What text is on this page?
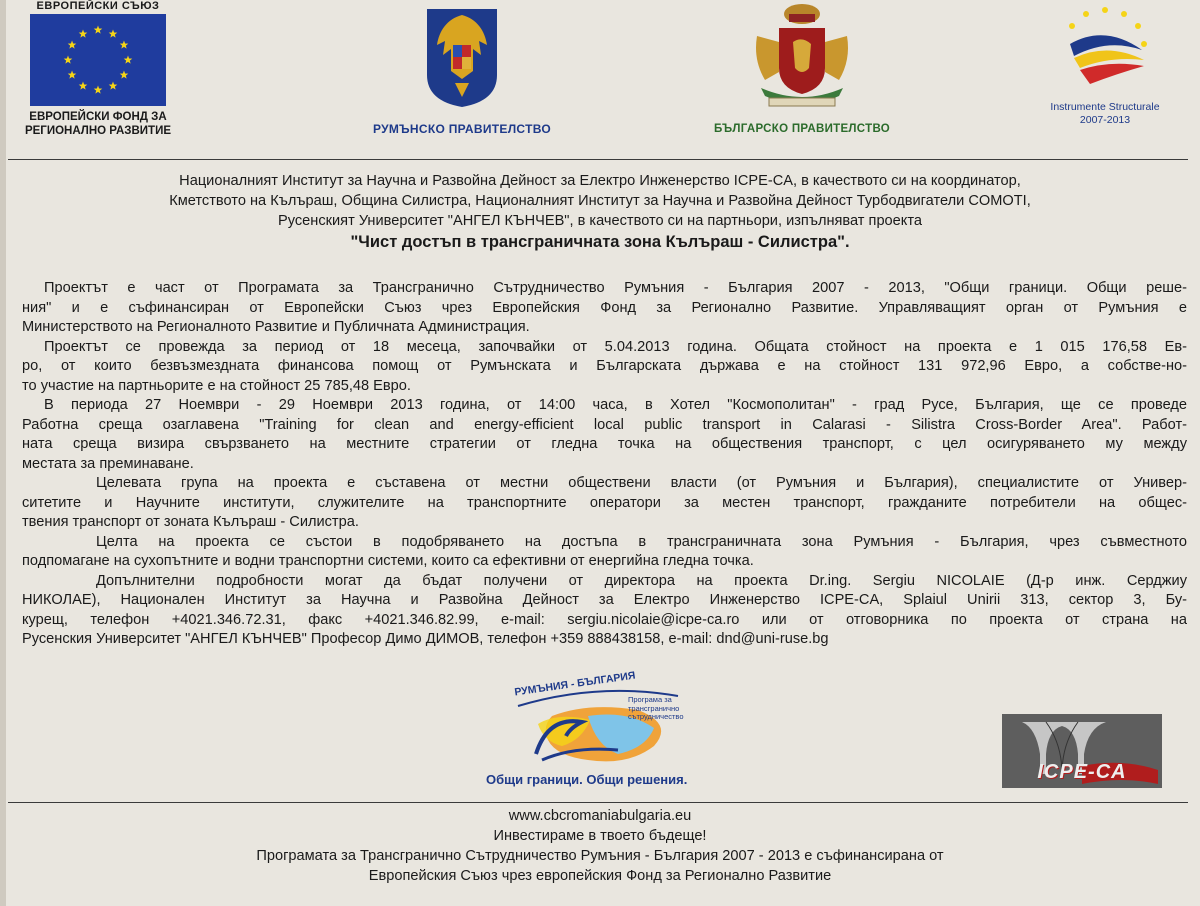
ЕВРОПЕЙСКИ СЪЮЗ
ЕВРОПЕЙСКИ ФОНД ЗА
РЕГИОНАЛНО РАЗВИТИЕ	РУМЪНСКО ПРАВИТЕЛСТВО	БЪЛГАРСКО ПРАВИТЕЛСТВО
Instrumente Structurale
2007-2013
Националният Институт за Научна и Развойна Дейност за Електро Инженерство ICPE-CA, в качеството си на координатор,
Кметството на Кълъраш, Община Силистра, Националният Институт за Научна и Развойна Дейност Турбодвигатели COMOTI,
Русенският Университет "АНГЕЛ КЪНЧЕВ", в качеството си на партньори, изпълняват проекта
"Чист достъп в трансграничната зона Кълъраш - Силистра".
Проектът е част от Програмата за Трансгранично Сътрудничество Румъния - България 2007 - 2013, "Общи граници. Общи реше-
ния" и е съфинансиран от Европейски Съюз чрез Европейския Фонд за Регионално Развитие. Управляващият орган от Румъния е
Министерството на Регионалното Развитие и Публичната Администрация.
Проектът се провежда за период от 18 месеца, започвайки от 5.04.2013 година. Общата стойност на проекта е 1 015 176,58 Ев-
ро, от които безвъзмездната финансова помощ от Румънската и Българската държава е на стойност 131 972,96 Евро, а собстве-но-
то участие на партньорите е на стойност 25 785,48 Евро.
В периода 27 Ноември - 29 Ноември 2013 година, от 14:00 часа, в Хотел "Космополитан" - град Русе, България, ще се проведе
Работна среща озаглавена "Training for clean and energy-efficient local public transport in Calarasi - Silistra Cross-Border Area". Работ-
ната среща визира свързването на местните стратегии от гледна точка на обществения транспорт, с цел осигуряването му между
местата за преминаване.
Целевата група на проекта е съставена от местни обществени власти (от Румъния и България), специалистите от Универ-
ситетите и Научните институти, служителите на транспортните оператори за местен транспорт, гражданите потребители на общес-
твения транспорт от зоната Кълъраш - Силистра.
Целта на проекта се състои в подобряването на достъпа в трансграничната зона Румъния - България, чрез съвместното
подпомагане на сухопътните и водни транспортни системи, които са ефективни от енергийна гледна точка.
Допълнителни подробности могат да бъдат получени от директора на проекта Dr.ing. Sergiu NICOLAIE (Д-р инж. Серджиу
НИКОЛАЕ), Национален Институт за Научна и Развойна Дейност за Електро Инженерство ICPE-CA, Splaiul Unirii 313, сектор 3, Бу-
курещ, телефон +4021.346.72.31, факс +4021.346.82.99, e-mail: sergiu.nicolaie@icpe-ca.ro или от отговорника по проекта от страна на
Русенския Университет "АНГЕЛ КЪНЧЕВ" Професор Димо ДИМОВ, телефон +359 888438158, e-mail: dnd@uni-ruse.bg
РУМЪНИЯ - БЪЛГАРИЯ
Програма за трансгранично сътрудничество
Общи граници. Общи решения.	ICPE-CA
www.cbcromaniabulgaria.eu
Инвестираме в твоето бъдеще!
Програмата за Трансгранично Сътрудничество Румъния - България 2007 - 2013 е съфинансирана от
Европейския Съюз чрез европейския Фонд за Регионално Развитие
